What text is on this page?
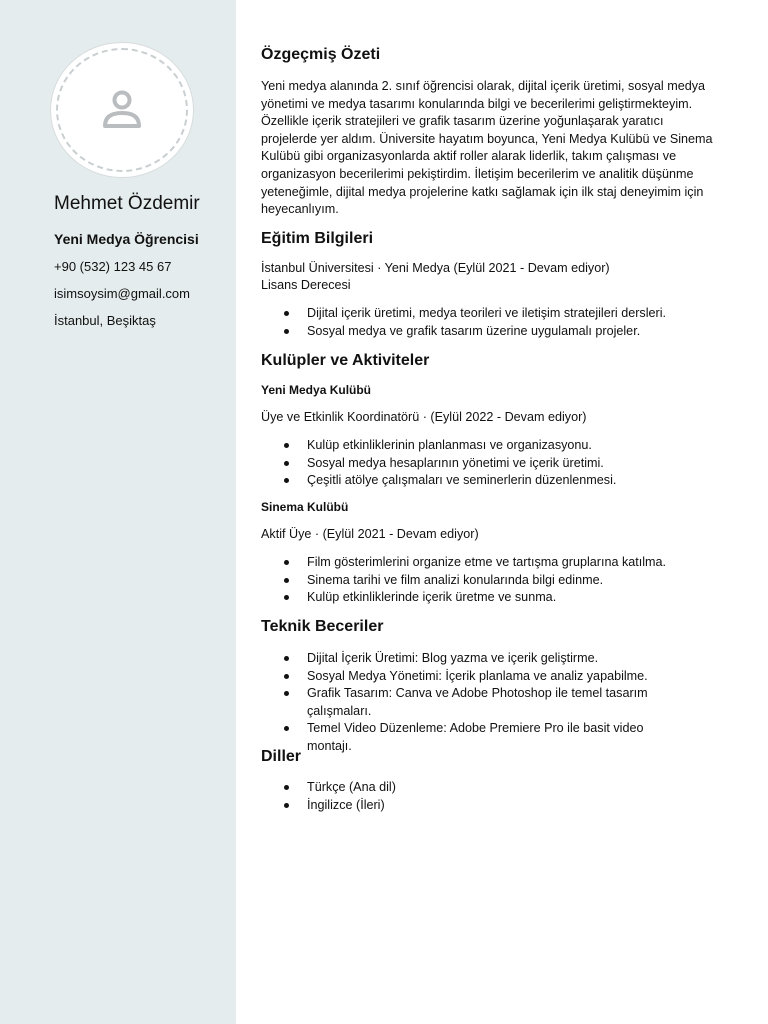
Mehmet Özdemir
Yeni Medya Öğrencisi
+90 (532) 123 45 67
isimsoysim@gmail.com
İstanbul, Beşiktaş
Özgeçmiş Özeti
Yeni medya alanında 2. sınıf öğrencisi olarak, dijital içerik üretimi, sosyal medya yönetimi ve medya tasarımı konularında bilgi ve becerilerimi geliştirmekteyim. Özellikle içerik stratejileri ve grafik tasarım üzerine yoğunlaşarak yaratıcı projelerde yer aldım. Üniversite hayatım boyunca, Yeni Medya Kulübü ve Sinema Kulübü gibi organizasyonlarda aktif roller alarak liderlik, takım çalışması ve organizasyon becerilerimi pekiştirdim. İletişim becerilerim ve analitik düşünme yeteneğimle, dijital medya projelerine katkı sağlamak için ilk staj deneyimim için heyecanlıyım.
Eğitim Bilgileri
İstanbul Üniversitesi · Yeni Medya (Eylül 2021 - Devam ediyor)
Lisans Derecesi
Dijital içerik üretimi, medya teorileri ve iletişim stratejileri dersleri.
Sosyal medya ve grafik tasarım üzerine uygulamalı projeler.
Kulüpler ve Aktiviteler
Yeni Medya Kulübü
Üye ve Etkinlik Koordinatörü · (Eylül 2022 - Devam ediyor)
Kulüp etkinliklerinin planlanması ve organizasyonu.
Sosyal medya hesaplarının yönetimi ve içerik üretimi.
Çeşitli atölye çalışmaları ve seminerlerin düzenlenmesi.
Sinema Kulübü
Aktif Üye · (Eylül 2021 - Devam ediyor)
Film gösterimlerini organize etme ve tartışma gruplarına katılma.
Sinema tarihi ve film analizi konularında bilgi edinme.
Kulüp etkinliklerinde içerik üretme ve sunma.
Teknik Beceriler
Dijital İçerik Üretimi: Blog yazma ve içerik geliştirme.
Sosyal Medya Yönetimi: İçerik planlama ve analiz yapabilme.
Grafik Tasarım: Canva ve Adobe Photoshop ile temel tasarım çalışmaları.
Temel Video Düzenleme: Adobe Premiere Pro ile basit video montajı.
Diller
Türkçe (Ana dil)
İngilizce (İleri)
